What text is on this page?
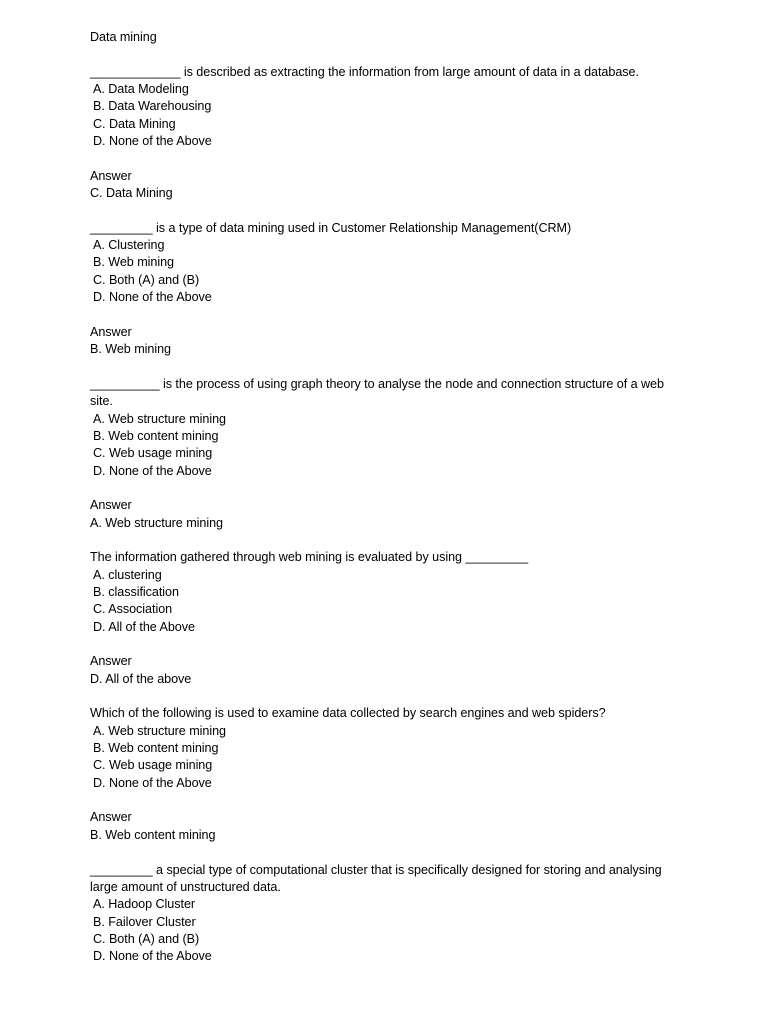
Data mining
_____________ is described as extracting the information from large amount of data in a database.
A. Data Modeling
B. Data Warehousing
C. Data Mining
D. None of the Above
Answer
C. Data Mining
_________ is a type of data mining used in Customer Relationship Management(CRM)
A. Clustering
B. Web mining
C. Both (A) and (B)
D. None of the Above
Answer
B. Web mining
__________ is the process of using graph theory to analyse the node and connection structure of a web site.
A. Web structure mining
B. Web content mining
C. Web usage mining
D. None of the Above
Answer
A. Web structure mining
The information gathered through web mining is evaluated by using _________
A. clustering
B. classification
C. Association
D. All of the Above
Answer
D. All of the above
Which of the following is used to examine data collected by search engines and web spiders?
A. Web structure mining
B. Web content mining
C. Web usage mining
D. None of the Above
Answer
B. Web content mining
_________ a special type of computational cluster that is specifically designed for storing and analysing large amount of unstructured data.
A. Hadoop Cluster
B. Failover Cluster
C. Both (A) and (B)
D. None of the Above
